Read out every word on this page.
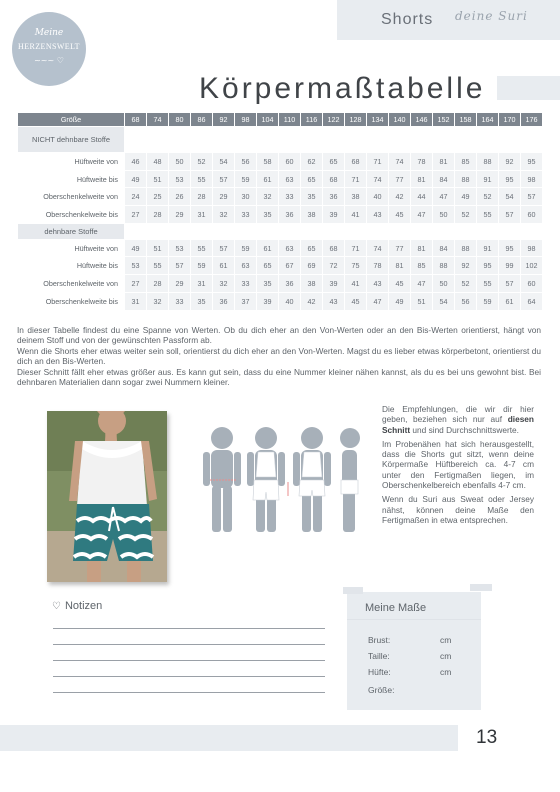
Shorts deine Suri
Meine
HERZENSWELT
~~~ ♡
Körpermaßtabelle
Größe	68	74	80	86	92	98	104	110	116	122	128	134	140	146	152	158	164	170	176
NICHT dehnbare Stoffe																			
Hüftweite von	46	48	50	52	54	56	58	60	62	65	68	71	74	78	81	85	88	92	95
Hüftweite bis	49	51	53	55	57	59	61	63	65	68	71	74	77	81	84	88	91	95	98
Oberschenkelweite von	24	25	26	28	29	30	32	33	35	36	38	40	42	44	47	49	52	54	57
Oberschenkelweite bis	27	28	29	31	32	33	35	36	38	39	41	43	45	47	50	52	55	57	60
dehnbare Stoffe																			
Hüftweite von	49	51	53	55	57	59	61	63	65	68	71	74	77	81	84	88	91	95	98
Hüftweite bis	53	55	57	59	61	63	65	67	69	72	75	78	81	85	88	92	95	99	102
Oberschenkelweite von	27	28	29	31	32	33	35	36	38	39	41	43	45	47	50	52	55	57	60
Oberschenkelweite bis	31	32	33	35	36	37	39	40	42	43	45	47	49	51	54	56	59	61	64

In dieser Tabelle findest du eine Spanne von Werten. Ob du dich eher an den Von-Werten oder an den Bis-Werten orientierst, hängt von deinem Stoff und von der gewünschten Passform ab.

Wenn die Shorts eher etwas weiter sein soll, orientierst du dich eher an den Von-Werten. Magst du es lieber etwas körperbetont, orientierst du dich an den Bis-Werten.

Dieser Schnitt fällt eher etwas größer aus. Es kann gut sein, dass du eine Nummer kleiner nähen kannst, als du es bei uns gewohnt bist. Bei dehnbaren Materialien dann sogar zwei Nummern kleiner.

Die Empfehlungen, die wir dir hier geben, beziehen sich nur auf diesen Schnitt und sind Durchschnittswerte.

Im Probenähen hat sich herausgestellt, dass die Shorts gut sitzt, wenn deine Körpermaße Hüftbereich ca. 4-7 cm unter den Fertigmaßen liegen, im Oberschenkelbereich ebenfalls 4-7 cm.

Wenn du Suri aus Sweat oder Jersey nähst, können deine Maße den Fertigmaßen in etwa entsprechen.

♡ Notizen	Meine Maße
Brust:	cm
Taille:	cm
Hüfte:	cm
Größe:
13
